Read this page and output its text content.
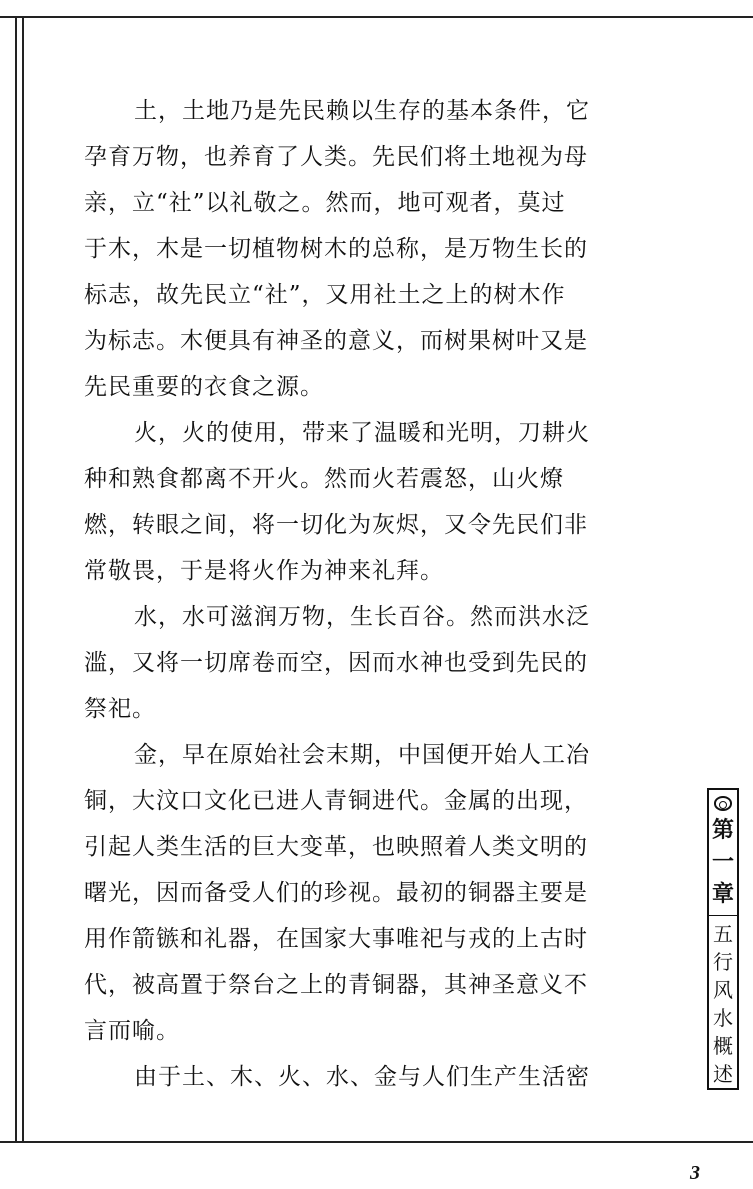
土，土地乃是先民赖以生存的基本条件，它
孕育万物，也养育了人类。先民们将土地视为母
亲，立“社”以礼敬之。然而，地可观者，莫过
于木，木是一切植物树木的总称，是万物生长的
标志，故先民立“社”，又用社土之上的树木作
为标志。木便具有神圣的意义，而树果树叶又是
先民重要的衣食之源。
火，火的使用，带来了温暖和光明，刀耕火
种和熟食都离不开火。然而火若震怒，山火燎
燃，转眼之间，将一切化为灰烬，又令先民们非
常敬畏，于是将火作为神来礼拜。
水，水可滋润万物，生长百谷。然而洪水泛
滥，又将一切席卷而空，因而水神也受到先民的
祭祀。
金，早在原始社会末期，中国便开始人工冶
铜，大汶口文化已进人青铜进代。金属的出现，
引起人类生活的巨大变革，也映照着人类文明的
曙光，因而备受人们的珍视。最初的铜器主要是
用作箭镞和礼器，在国家大事唯祀与戎的上古时
代，被高置于祭台之上的青铜器，其神圣意义不
言而喻。
由于土、木、火、水、金与人们生产生活密
第
一
章
五
行
风
水
概
述
3
